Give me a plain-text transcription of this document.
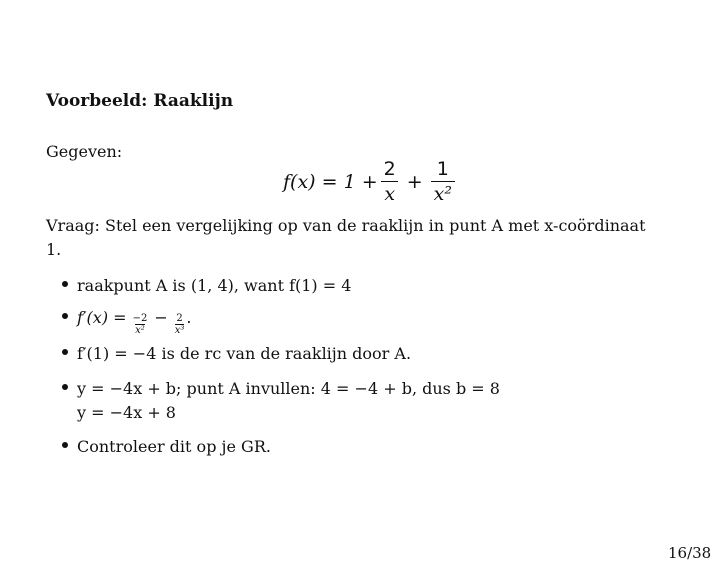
Voorbeeld: Raaklijn
Gegeven:
$f(x) = 1 + \frac{2}{x} + \frac{1}{\text{x²}}$
Vraag: Stel een vergelijking op van de raaklijn in punt A met x-coördinaat
1.
raakpunt A is (1, 4), want f(1) = 4
$f'(x) = \frac{-2}{\text{x²}} - \frac{2}{\text{x³}}$ .
f′(1) = −4 is de rc van de raaklijn door A.
y = −4x + b; punt A invullen: 4 = −4 + b, dus b = 8
y = −4x + 8
Controleer dit op je GR.
16/38
